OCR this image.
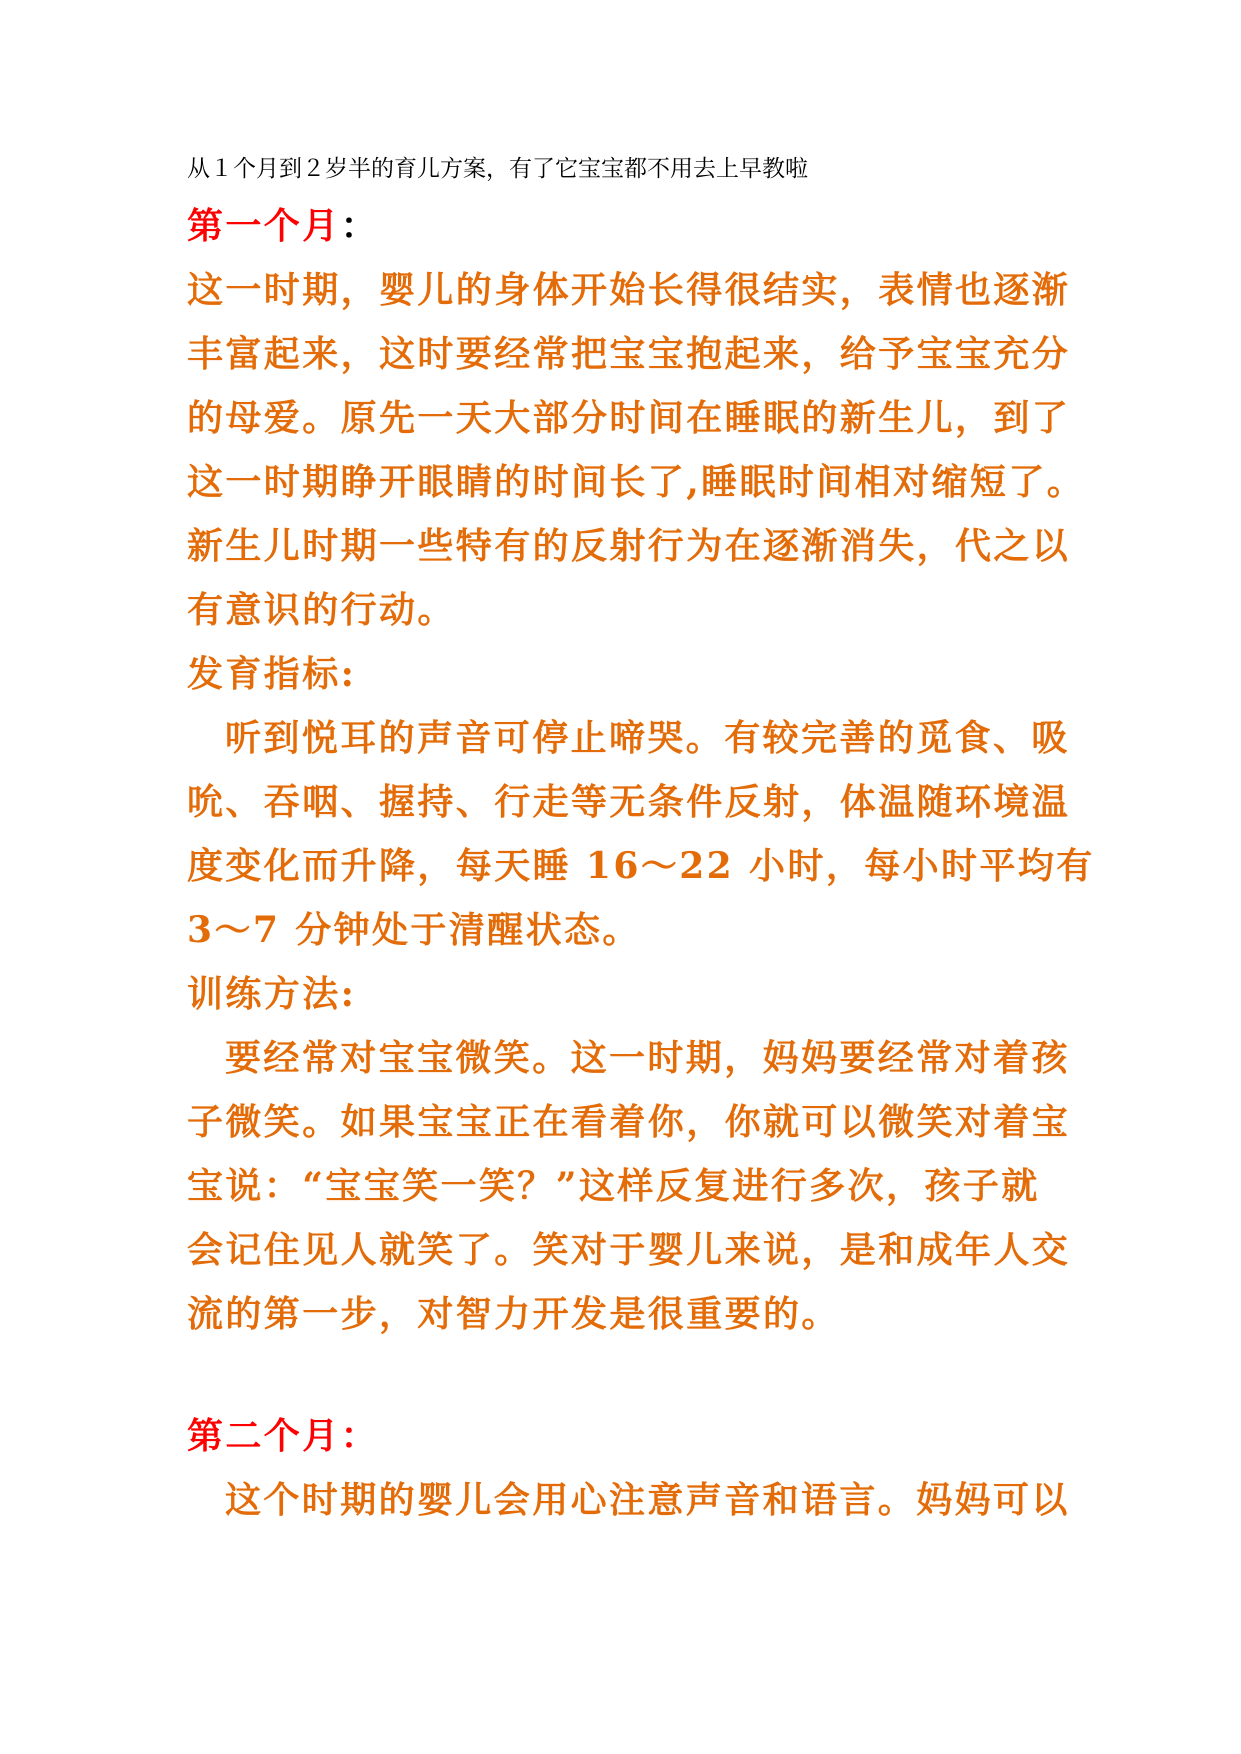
从１个月到２岁半的育儿方案，有了它宝宝都不用去上早教啦
第一个月：
这一时期，婴儿的身体开始长得很结实，表情也逐渐
丰富起来，这时要经常把宝宝抱起来，给予宝宝充分
的母爱。原先一天大部分时间在睡眠的新生儿，到了
这一时期睁开眼睛的时间长了,睡眠时间相对缩短了。
新生儿时期一些特有的反射行为在逐渐消失，代之以
有意识的行动。
发育指标:
听到悦耳的声音可停止啼哭。有较完善的觅食、吸
吮、吞咽、握持、行走等无条件反射，体温随环境温
度变化而升降，每天睡 16～22 小时，每小时平均有
3～7 分钟处于清醒状态。
训练方法:
要经常对宝宝微笑。这一时期，妈妈要经常对着孩
子微笑。如果宝宝正在看着你，你就可以微笑对着宝
宝说：“宝宝笑一笑？”这样反复进行多次，孩子就
会记住见人就笑了。笑对于婴儿来说，是和成年人交
流的第一步，对智力开发是很重要的。
第二个月：
这个时期的婴儿会用心注意声音和语言。妈妈可以
